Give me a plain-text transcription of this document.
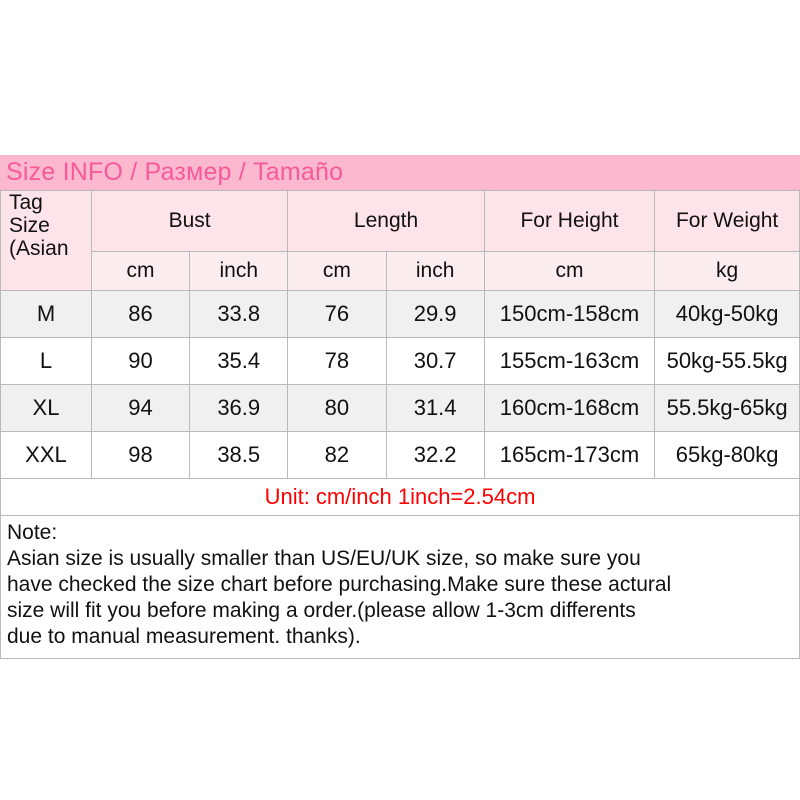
Size INFO / Размер / Tamaño
Tag
Size
(Asian	Bust		Length		For Height	For Weight
	cm	inch	cm	inch	cm	kg
M	86	33.8	76	29.9	150cm-158cm	40kg-50kg
L	90	35.4	78	30.7	155cm-163cm	50kg-55.5kg
XL	94	36.9	80	31.4	160cm-168cm	55.5kg-65kg
XXL	98	38.5	82	32.2	165cm-173cm	65kg-80kg
Unit: cm/inch 1inch=2.54cm
Note:
Asian size is usually smaller than US/EU/UK size, so make sure you
have checked the size chart before purchasing.Make sure these actural
size will fit you before making a order.(please allow 1-3cm differents
due to manual measurement. thanks).
